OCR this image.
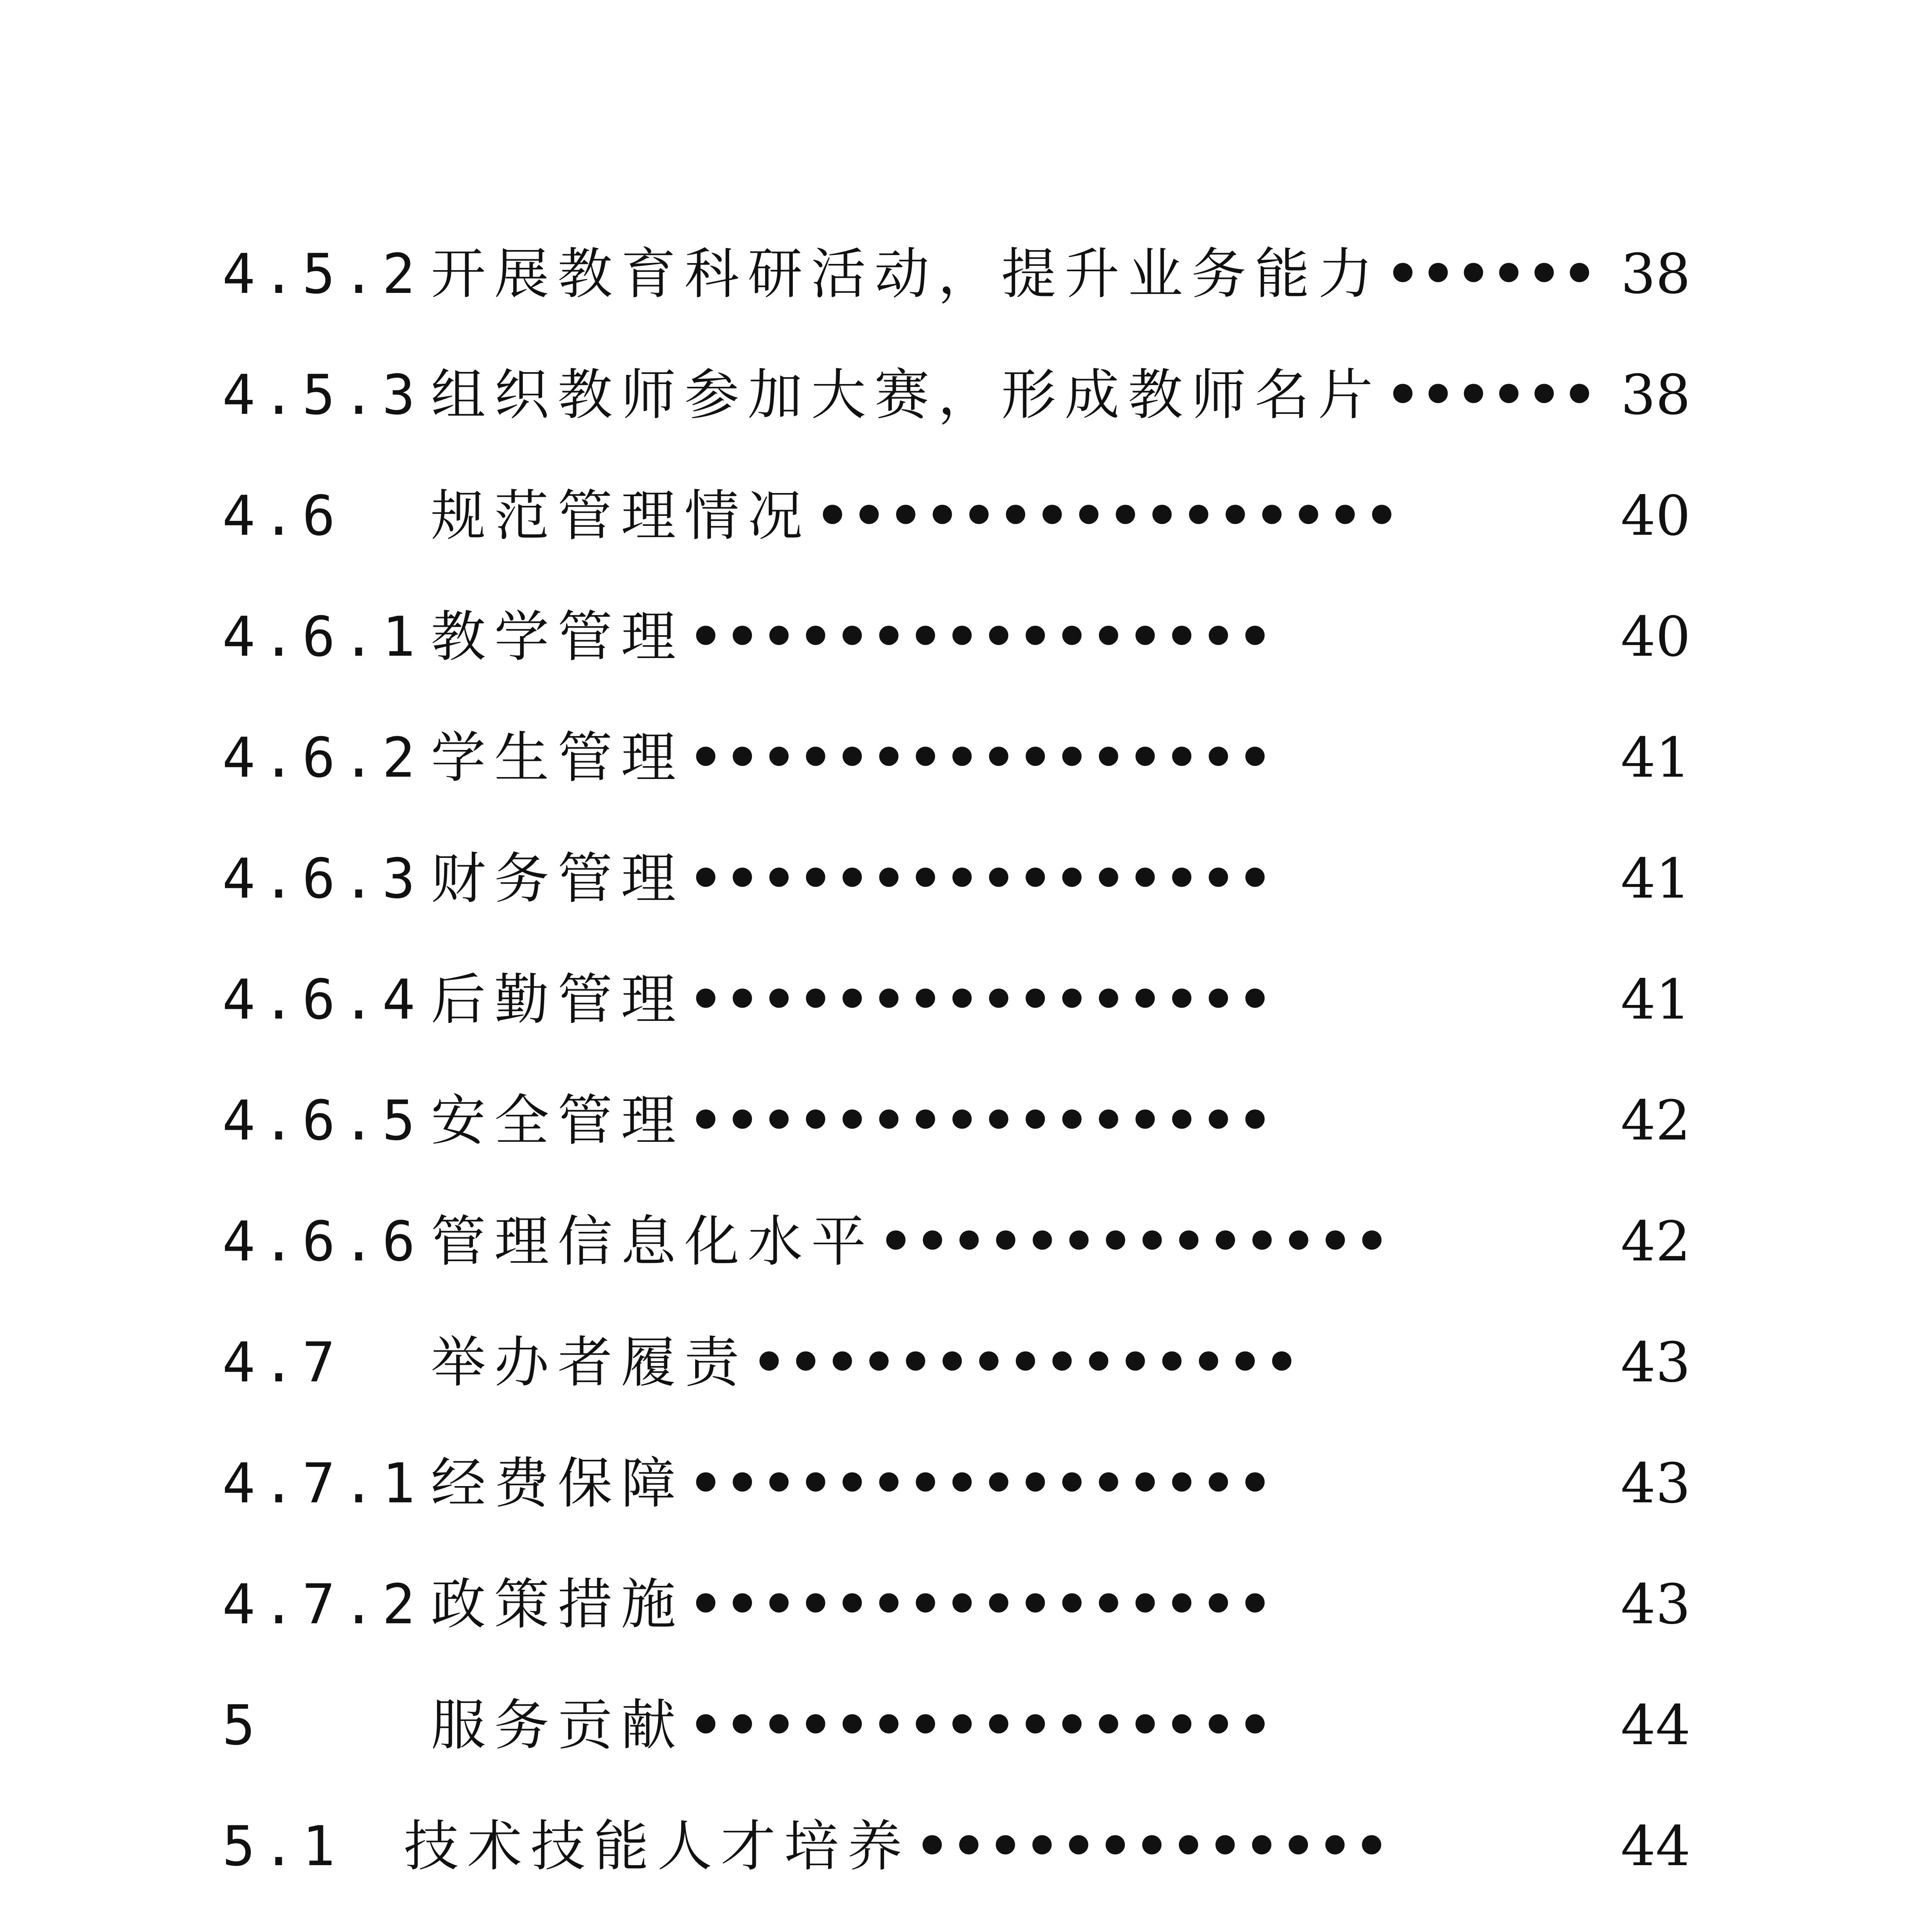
4.5.2 开展教育科研活动，提升业务能力 •••••• 38
4.5.3 组织教师参加大赛，形成教师名片 •••••• 38
4.6 规范管理情况 ••••••••••••••••	40
4.6.1 教学管理 ••••••••••••••••	40
4.6.2 学生管理 ••••••••••••••••	41
4.6.3 财务管理 ••••••••••••••••	41
4.6.4 后勤管理 ••••••••••••••••	41
4.6.5 安全管理 ••••••••••••••••	42
4.6.6 管理信息化水平 ••••••••••••••	42
4.7 举办者履责 •••••••••••••••	43
4.7.1 经费保障 ••••••••••••••••	43
4.7.2 政策措施 ••••••••••••••••	43
5	服务贡献 ••••••••••••••••	44
5.1 技术技能人才培养 •••••••••••••	44
